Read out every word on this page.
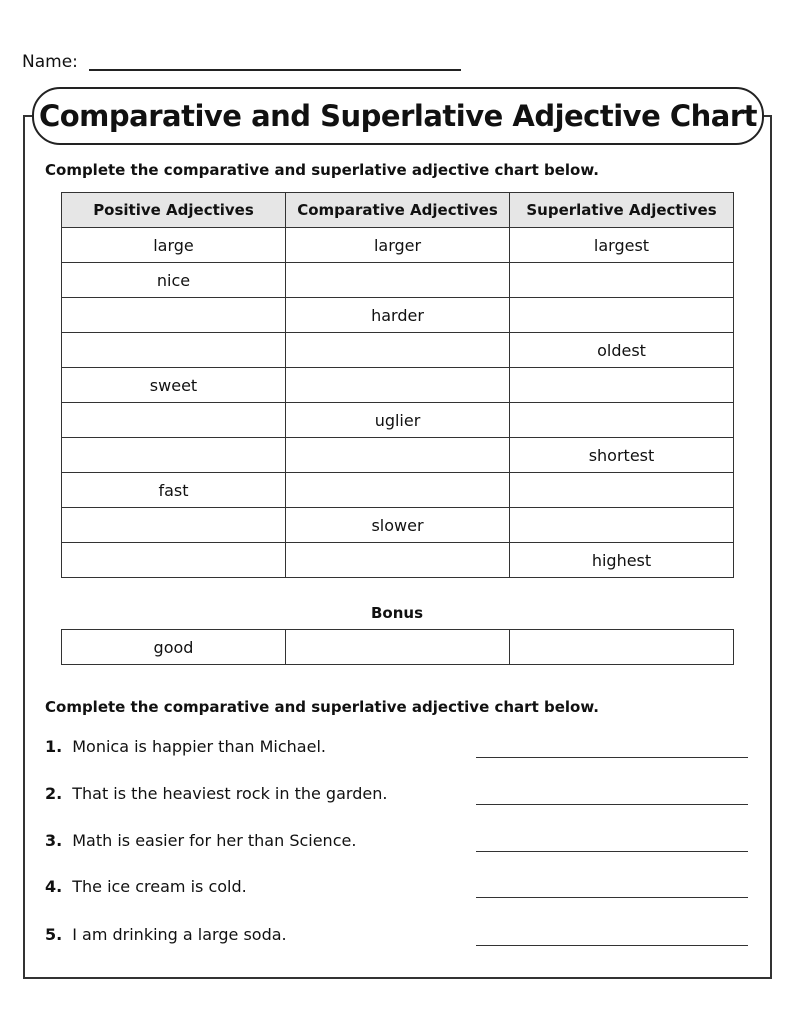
Name:
Comparative and Superlative Adjective Chart
Complete the comparative and superlative adjective chart below.
Positive Adjectives	Comparative Adjectives	Superlative Adjectives
large	larger	largest
nice		
	harder	
		oldest
sweet		
	uglier	
		shortest
fast		
	slower	
		highest
Bonus
good		
Complete the comparative and superlative adjective chart below.
1. Monica is happier than Michael.
2. That is the heaviest rock in the garden.
3. Math is easier for her than Science.
4. The ice cream is cold.
5. I am drinking a large soda.
